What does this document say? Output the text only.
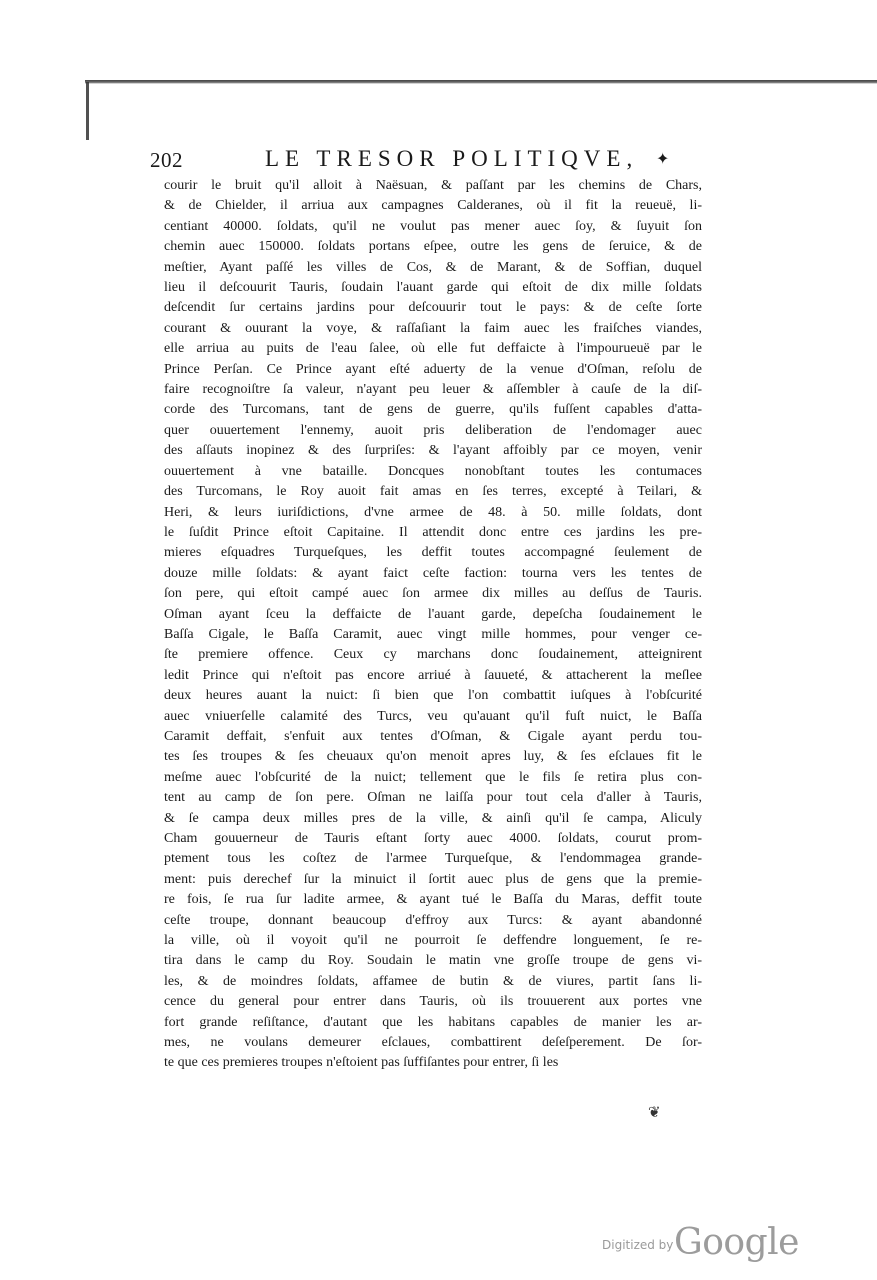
202	LE TRESOR POLITIQVE, ✦
courir le bruit qu'il alloit à Naësuan, & paſſant par les chemins de Chars,
& de Chielder, il arriua aux campagnes Calderanes, où il fit la reueuë, li-
centiant 40000. ſoldats, qu'il ne voulut pas mener auec ſoy, & ſuyuit ſon
chemin auec 150000. ſoldats portans eſpee, outre les gens de ſeruice, & de
meſtier, Ayant paſſé les villes de Cos, & de Marant, & de Soffian, duquel
lieu il deſcouurit Tauris, ſoudain l'auant garde qui eſtoit de dix mille ſoldats
deſcendit ſur certains jardins pour deſcouurir tout le pays: & de ceſte ſorte
courant & ouurant la voye, & raſſaſiant la faim auec les fraiſches viandes,
elle arriua au puits de l'eau ſalee, où elle fut deffaicte à l'impourueuë par le
Prince Perſan. Ce Prince ayant eſté aduerty de la venue d'Oſman, reſolu de
faire recognoiſtre ſa valeur, n'ayant peu leuer & aſſembler à cauſe de la diſ-
corde des Turcomans, tant de gens de guerre, qu'ils fuſſent capables d'atta-
quer ouuertement l'ennemy, auoit pris deliberation de l'endomager auec
des aſſauts inopinez & des ſurpriſes: & l'ayant affoibly par ce moyen, venir
ouuertement à vne bataille. Doncques nonobſtant toutes les contumaces
des Turcomans, le Roy auoit fait amas en ſes terres, excepté à Teilari, &
Heri, & leurs iuriſdictions, d'vne armee de 48. à 50. mille ſoldats, dont
le ſuſdit Prince eſtoit Capitaine. Il attendit donc entre ces jardins les pre-
mieres eſquadres Turqueſques, les deffit toutes accompagné ſeulement de
douze mille ſoldats: & ayant faict ceſte faction: tourna vers les tentes de
ſon pere, qui eſtoit campé auec ſon armee dix milles au deſſus de Tauris.
Oſman ayant ſceu la deffaicte de l'auant garde, depeſcha ſoudainement le
Baſſa Cigale, le Baſſa Caramit, auec vingt mille hommes, pour venger ce-
ſte premiere offence. Ceux cy marchans donc ſoudainement, atteignirent
ledit Prince qui n'eſtoit pas encore arriué à ſauueté, & attacherent la meſlee
deux heures auant la nuict: ſi bien que l'on combattit iuſques à l'obſcurité
auec vniuerſelle calamité des Turcs, veu qu'auant qu'il fuſt nuict, le Baſſa
Caramit deffait, s'enfuit aux tentes d'Oſman, & Cigale ayant perdu tou-
tes ſes troupes & ſes cheuaux qu'on menoit apres luy, & ſes eſclaues fit le
meſme auec l'obſcurité de la nuict; tellement que le fils ſe retira plus con-
tent au camp de ſon pere. Oſman ne laiſſa pour tout cela d'aller à Tauris,
& ſe campa deux milles pres de la ville, & ainſi qu'il ſe campa, Aliculy
Cham gouuerneur de Tauris eſtant ſorty auec 4000. ſoldats, courut prom-
ptement tous les coſtez de l'armee Turqueſque, & l'endommagea grande-
ment: puis derechef ſur la minuict il ſortit auec plus de gens que la premie-
re fois, ſe rua ſur ladite armee, & ayant tué le Baſſa du Maras, deffit toute
ceſte troupe, donnant beaucoup d'effroy aux Turcs: & ayant abandonné
la ville, où il voyoit qu'il ne pourroit ſe deffendre longuement, ſe re-
tira dans le camp du Roy. Soudain le matin vne groſſe troupe de gens vi-
les, & de moindres ſoldats, affamee de butin & de viures, partit ſans li-
cence du general pour entrer dans Tauris, où ils trouuerent aux portes vne
fort grande reſiſtance, d'autant que les habitans capables de manier les ar-
mes, ne voulans demeurer eſclaues, combattirent deſeſperement. De ſor-
te que ces premieres troupes n'eſtoient pas ſuffiſantes pour entrer, ſi les
❦
Digitized by Google
